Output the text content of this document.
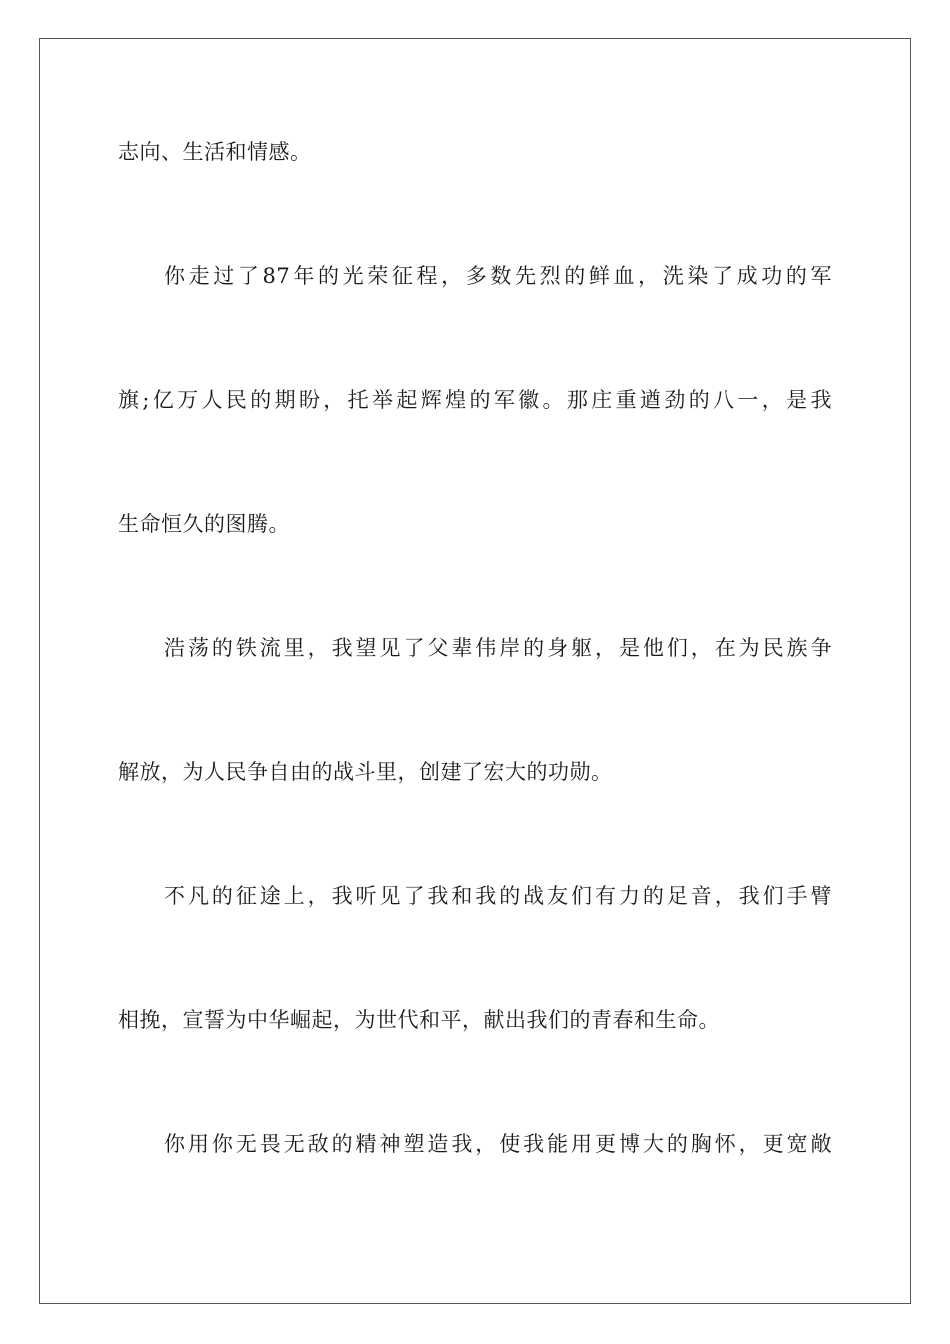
志向、生活和情感。
你走过了87年的光荣征程，多数先烈的鲜血，洗染了成功的军
旗;亿万人民的期盼，托举起辉煌的军徽。那庄重遒劲的八一，是我
生命恒久的图腾。
浩荡的铁流里，我望见了父辈伟岸的身躯，是他们，在为民族争
解放，为人民争自由的战斗里，创建了宏大的功勋。
不凡的征途上，我听见了我和我的战友们有力的足音，我们手臂
相挽，宣誓为中华崛起，为世代和平，献出我们的青春和生命。
你用你无畏无敌的精神塑造我，使我能用更博大的胸怀，更宽敞
